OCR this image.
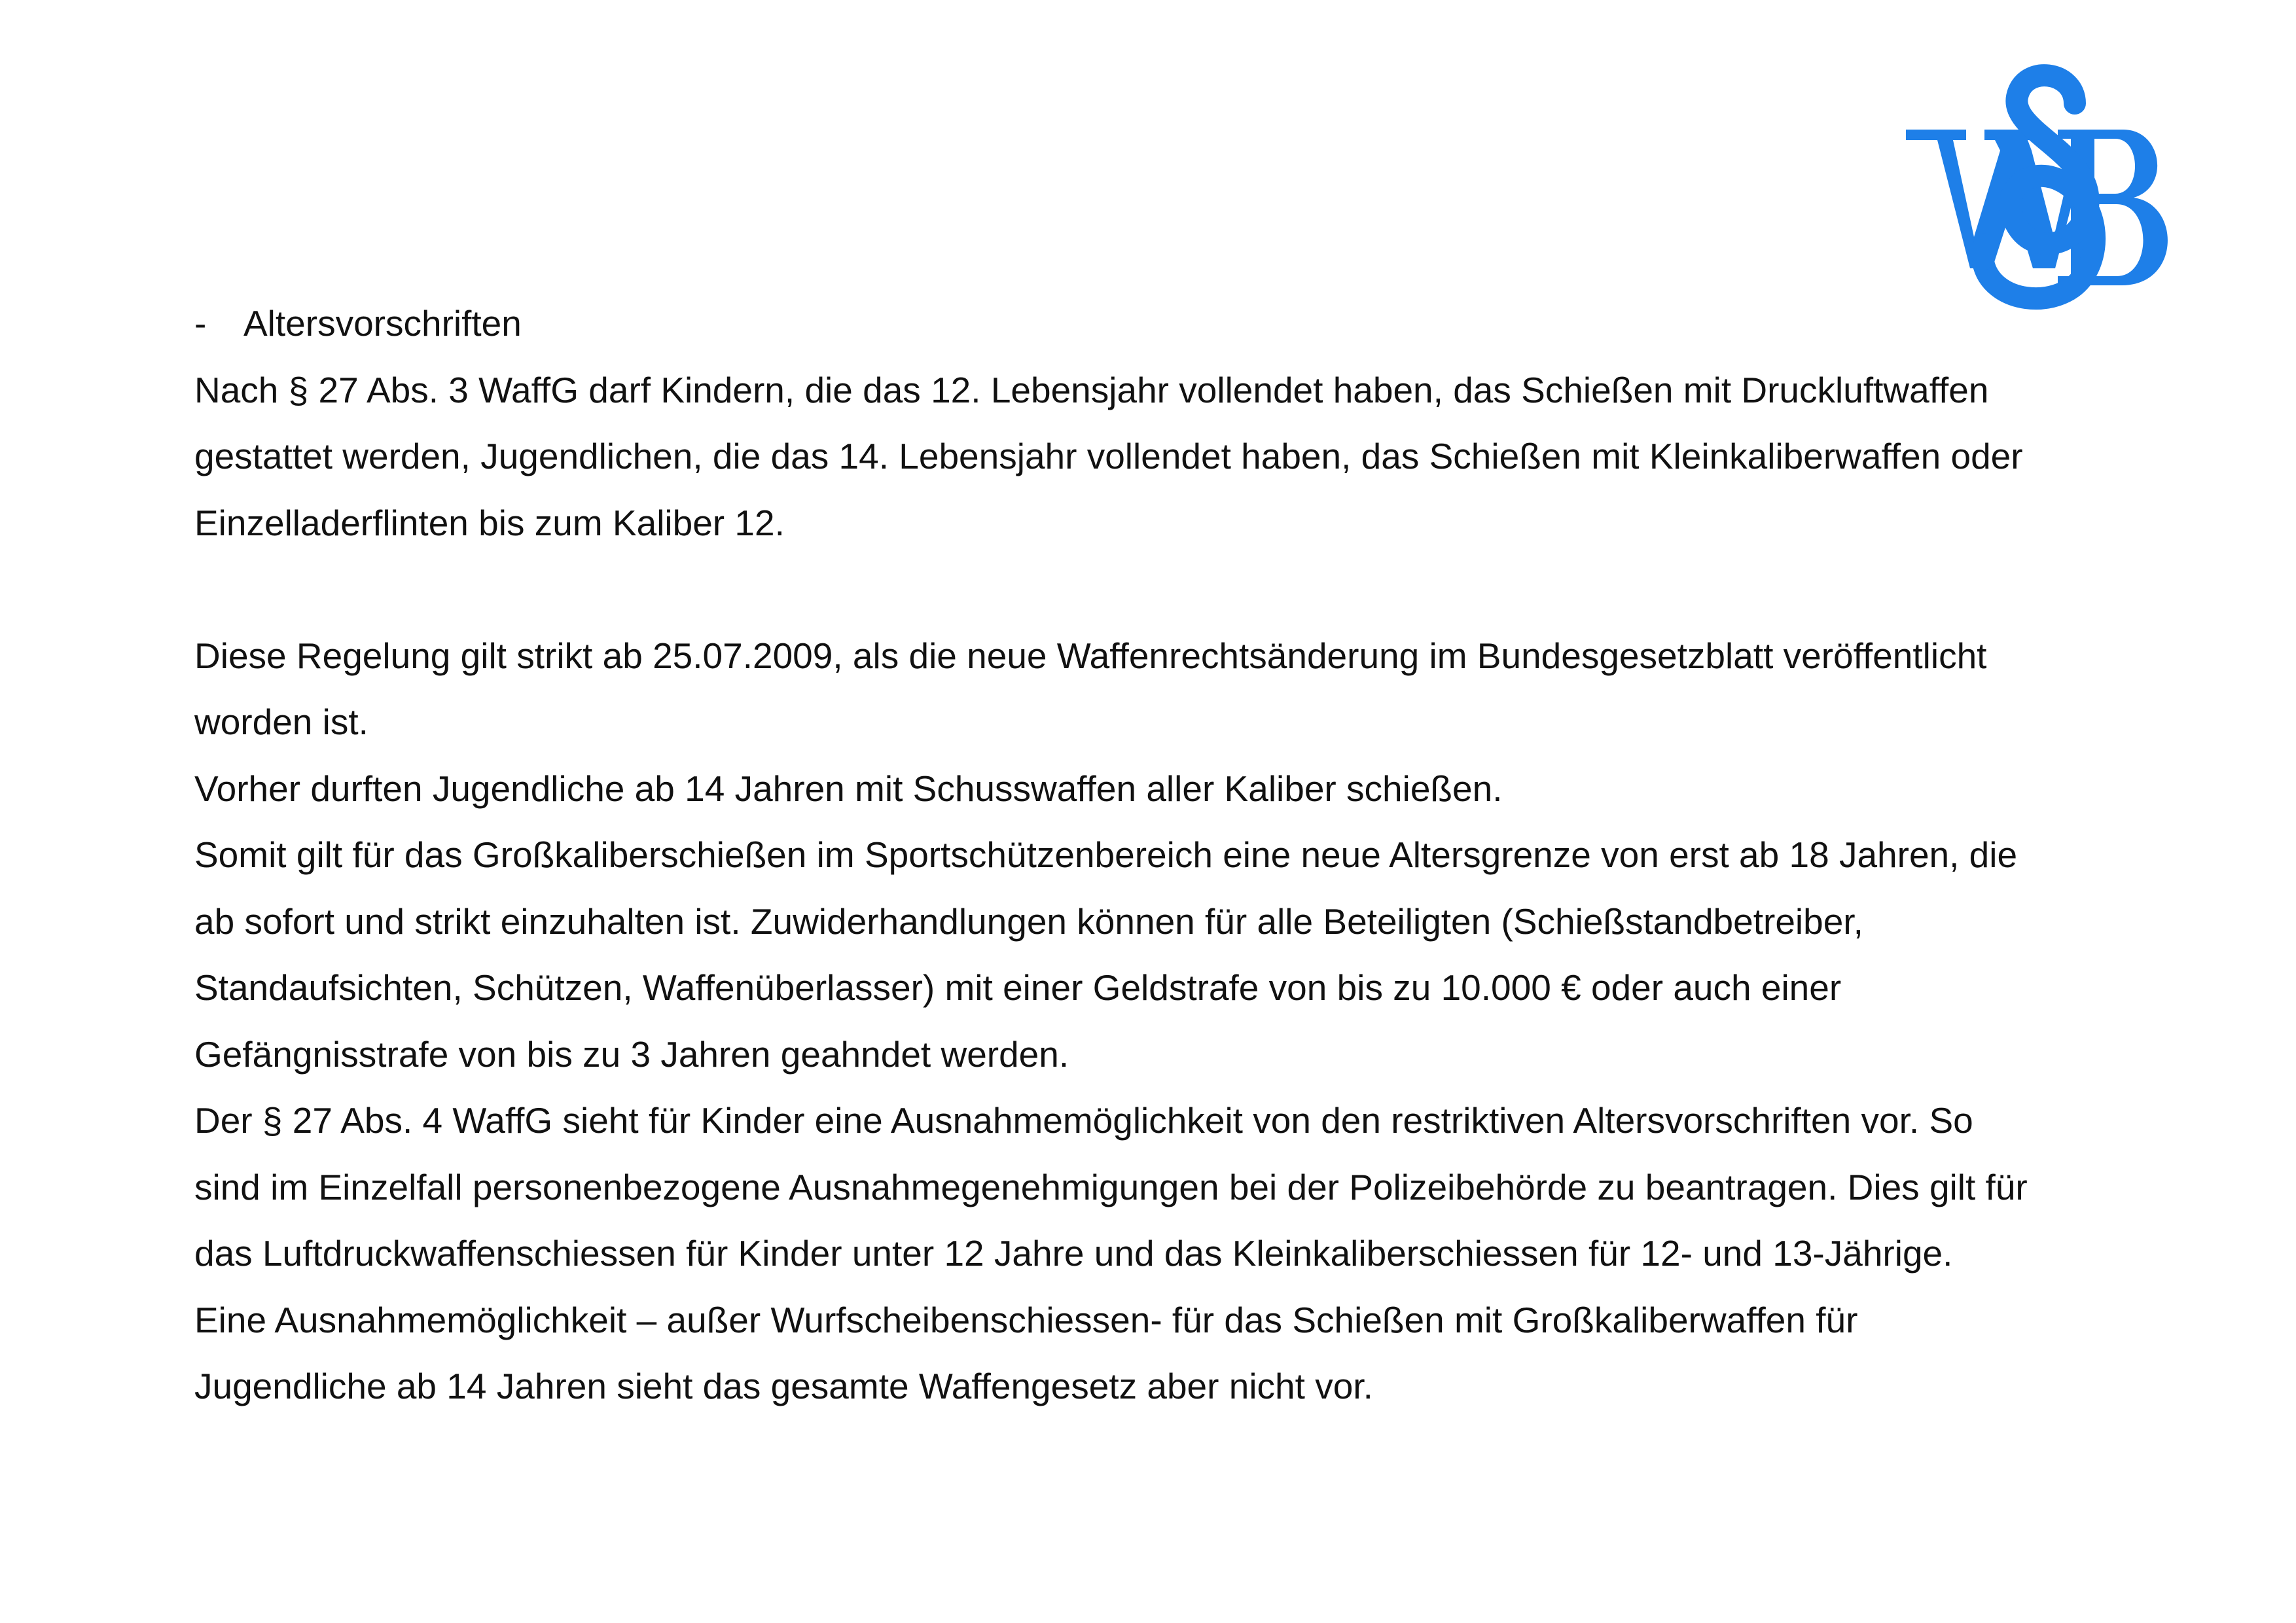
- Altersvorschriften
Nach § 27 Abs. 3 WaffG darf Kindern, die das 12. Lebensjahr vollendet haben, das Schießen mit Druckluftwaffen
gestattet werden, Jugendlichen, die das 14. Lebensjahr vollendet haben, das Schießen mit Kleinkaliberwaffen oder
Einzelladerflinten bis zum Kaliber 12.
Diese Regelung gilt strikt ab 25.07.2009, als die neue Waffenrechtsänderung im Bundesgesetzblatt veröffentlicht
worden ist.
Vorher durften Jugendliche ab 14 Jahren mit Schusswaffen aller Kaliber schießen.
Somit gilt für das Großkaliberschießen im Sportschützenbereich eine neue Altersgrenze von erst ab 18 Jahren, die
ab sofort und strikt einzuhalten ist. Zuwiderhandlungen können für alle Beteiligten (Schießstandbetreiber,
Standaufsichten, Schützen, Waffenüberlasser) mit einer Geldstrafe von bis zu 10.000 € oder auch einer
Gefängnisstrafe von bis zu 3 Jahren geahndet werden.
Der § 27 Abs. 4 WaffG sieht für Kinder eine Ausnahmemöglichkeit von den restriktiven Altersvorschriften vor. So
sind im Einzelfall personenbezogene Ausnahmegenehmigungen bei der Polizeibehörde zu beantragen. Dies gilt für
das Luftdruckwaffenschiessen für Kinder unter 12 Jahre und das Kleinkaliberschiessen für 12- und 13-Jährige.
Eine Ausnahmemöglichkeit – außer Wurfscheibenschiessen- für das Schießen mit Großkaliberwaffen für
Jugendliche ab 14 Jahren sieht das gesamte Waffengesetz aber nicht vor.
